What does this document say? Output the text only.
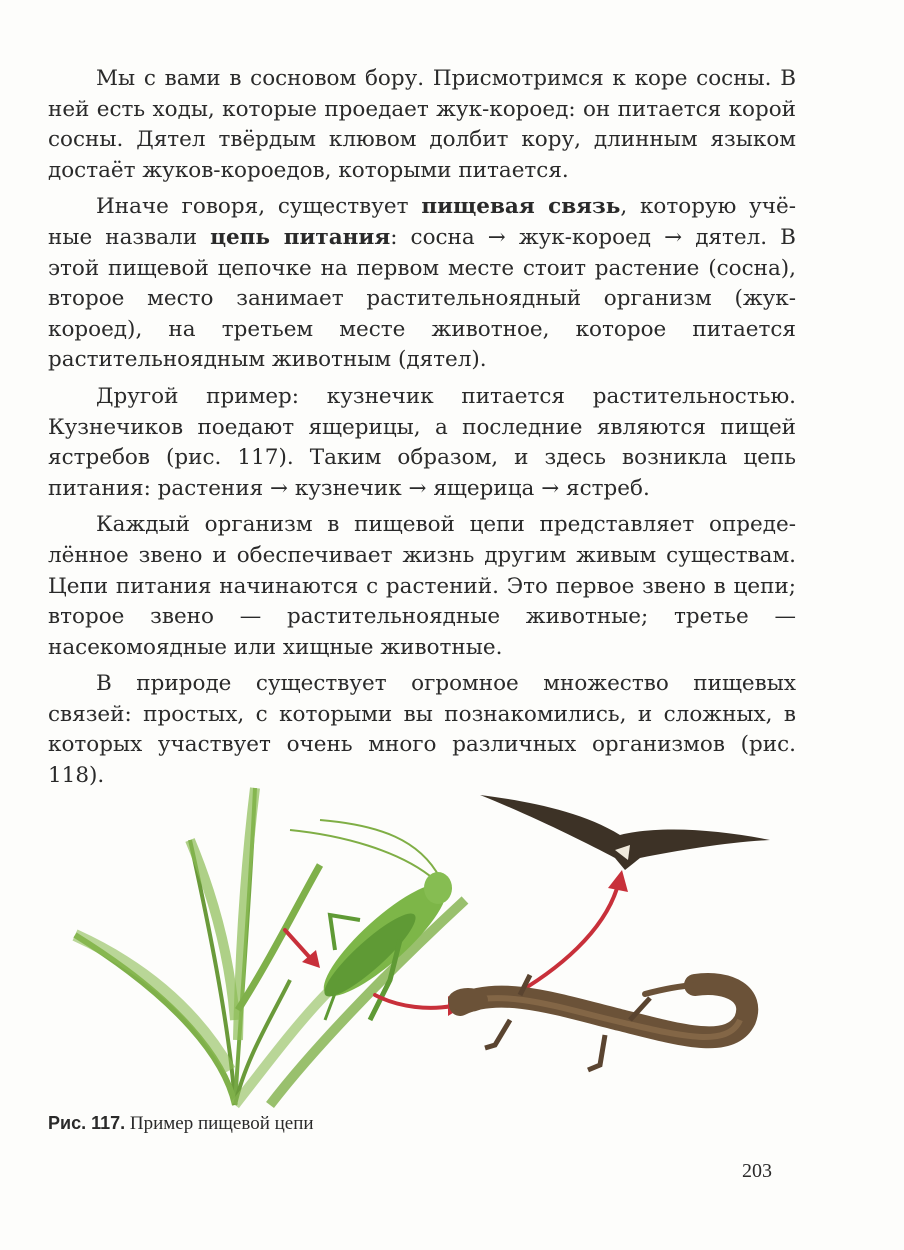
Мы с вами в сосновом бору. Присмотримся к коре сосны. В ней есть ходы, которые проедает жук-короед: он питается корой сосны. Дятел твёрдым клювом долбит кору, длинным языком достаёт жуков-короедов, которыми питается.

Иначе говоря, существует пищевая связь, которую учёные назвали цепь питания: сосна → жук-короед → дятел. В этой пищевой цепочке на первом месте стоит растение (сосна), второе место занимает растительноядный организм (жук-короед), на третьем месте животное, которое питается растительноядным животным (дятел).

Другой пример: кузнечик питается растительностью. Кузнечиков поедают ящерицы, а последние являются пищей ястребов (рис. 117). Таким образом, и здесь возникла цепь питания: растения → кузнечик → ящерица → ястреб.

Каждый организм в пищевой цепи представляет определённое звено и обеспечивает жизнь другим живым существам. Цепи питания начинаются с растений. Это первое звено в цепи; второе звено — растительноядные животные; третье — насекомоядные или хищные животные.

В природе существует огромное множество пищевых связей: простых, с которыми вы познакомились, и сложных, в которых участвует очень много различных организмов (рис. 118).

Рис. 117. Пример пищевой цепи
203
